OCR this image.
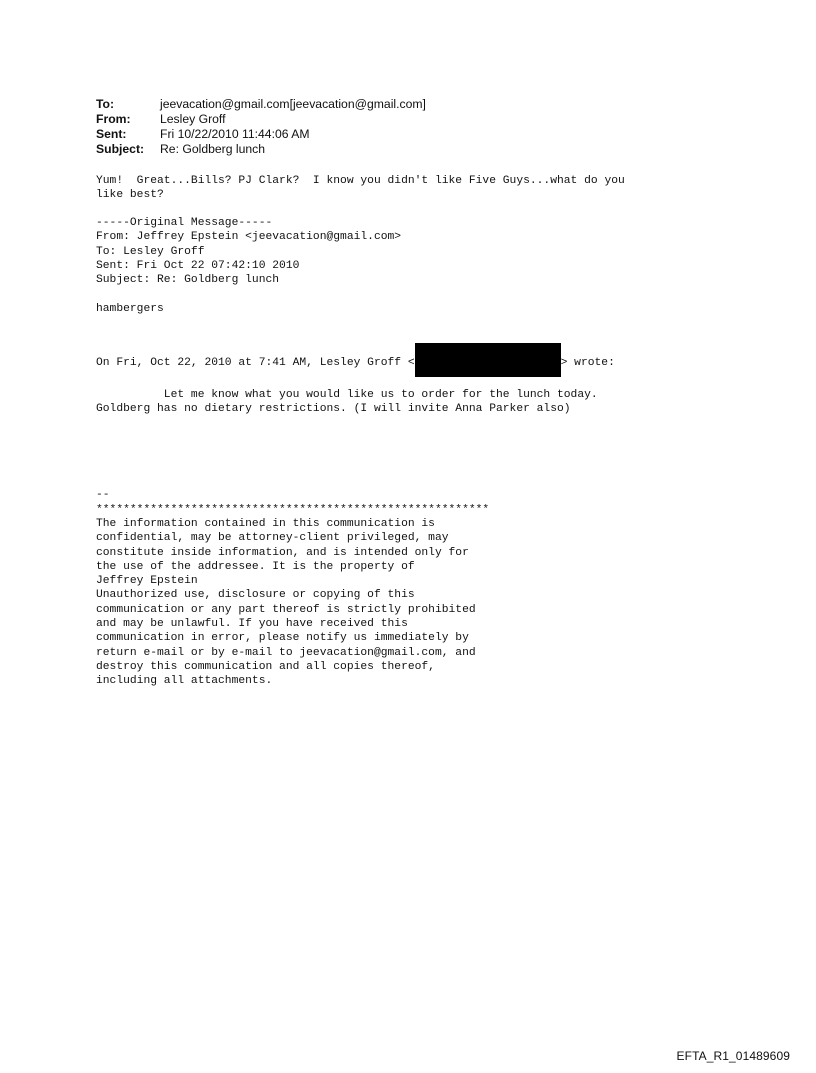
To:	jeevacation@gmail.com[jeevacation@gmail.com]
From:	Lesley Groff
Sent:	Fri 10/22/2010 11:44:06 AM
Subject:	Re: Goldberg lunch
Yum!  Great...Bills? PJ Clark?  I know you didn't like Five Guys...what do you
like best?
-----Original Message-----
From: Jeffrey Epstein <jeevacation@gmail.com>
To: Lesley Groff
Sent: Fri Oct 22 07:42:10 2010
Subject: Re: Goldberg lunch
hambergers
On Fri, Oct 22, 2010 at 7:41 AM, Lesley Groff <	> wrote:
Let me know what you would like us to order for the lunch today.
Goldberg has no dietary restrictions. (I will invite Anna Parker also)
--
**********************************************************
The information contained in this communication is
confidential, may be attorney-client privileged, may
constitute inside information, and is intended only for
the use of the addressee. It is the property of
Jeffrey Epstein
Unauthorized use, disclosure or copying of this
communication or any part thereof is strictly prohibited
and may be unlawful. If you have received this
communication in error, please notify us immediately by
return e-mail or by e-mail to jeevacation@gmail.com, and
destroy this communication and all copies thereof,
including all attachments.
EFTA_R1_01489609
